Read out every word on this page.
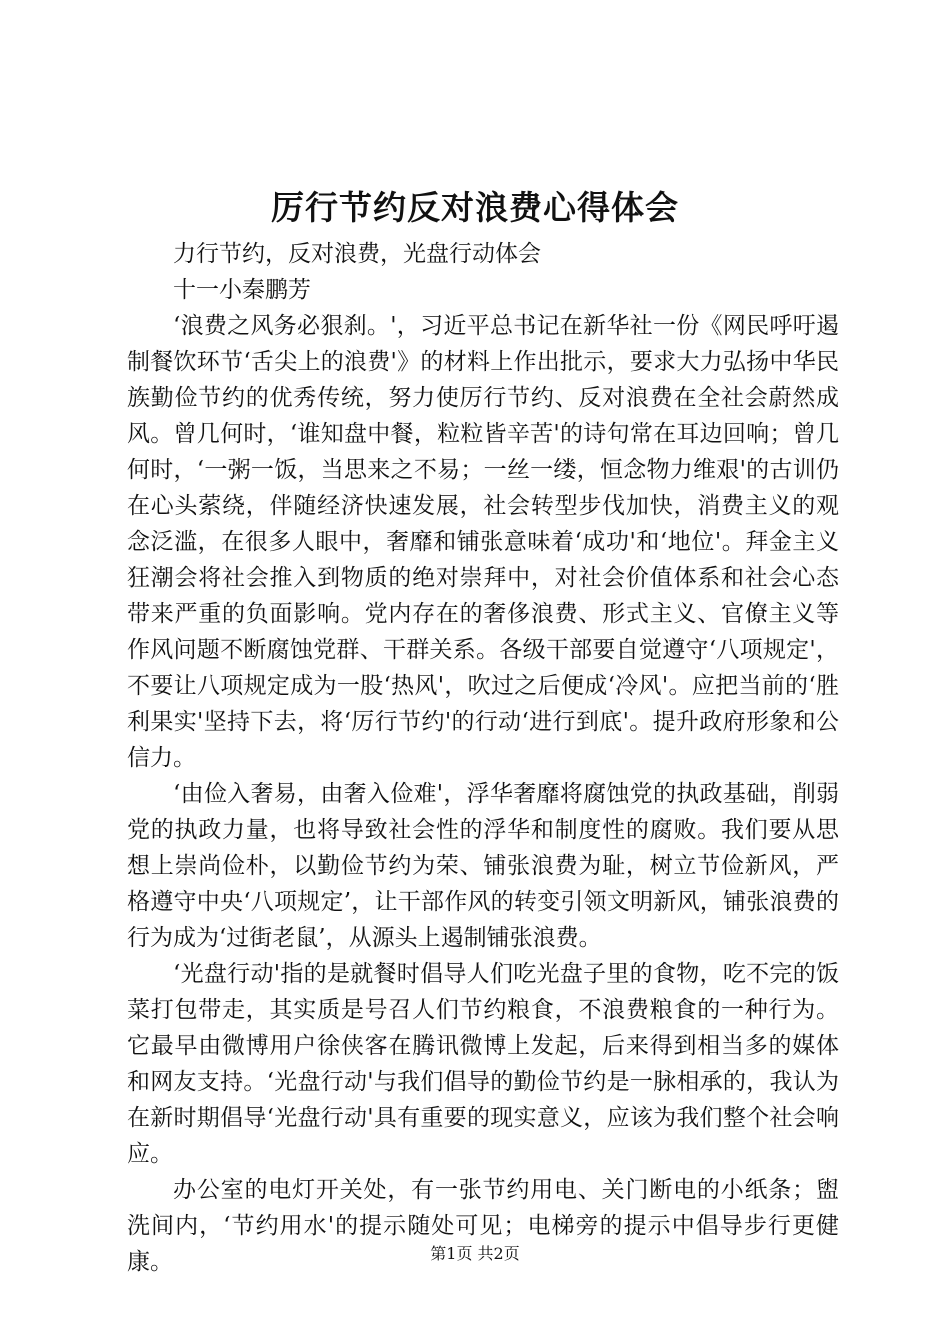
厉行节约反对浪费心得体会

力行节约，反对浪费，光盘行动体会

十一小秦鹏芳

‘浪费之风务必狠刹。'，习近平总书记在新华社一份《网民呼吁遏制餐饮环节‘舌尖上的浪费'》的材料上作出批示，要求大力弘扬中华民族勤俭节约的优秀传统，努力使厉行节约、反对浪费在全社会蔚然成风。曾几何时，‘谁知盘中餐，粒粒皆辛苦'的诗句常在耳边回响；曾几何时，‘一粥一饭，当思来之不易；一丝一缕，恒念物力维艰'的古训仍在心头萦绕，伴随经济快速发展，社会转型步伐加快，消费主义的观念泛滥，在很多人眼中，奢靡和铺张意味着‘成功'和‘地位'。拜金主义狂潮会将社会推入到物质的绝对崇拜中，对社会价值体系和社会心态带来严重的负面影响。党内存在的奢侈浪费、形式主义、官僚主义等作风问题不断腐蚀党群、干群关系。各级干部要自觉遵守‘八项规定'，不要让八项规定成为一股‘热风'，吹过之后便成‘冷风'。应把当前的‘胜利果实'坚持下去，将‘厉行节约'的行动‘进行到底'。提升政府形象和公信力。

‘由俭入奢易，由奢入俭难'，浮华奢靡将腐蚀党的执政基础，削弱党的执政力量，也将导致社会性的浮华和制度性的腐败。我们要从思想上崇尚俭朴，以勤俭节约为荣、铺张浪费为耻，树立节俭新风，严格遵守中央‘八项规定’，让干部作风的转变引领文明新风，铺张浪费的行为成为‘过街老鼠’，从源头上遏制铺张浪费。

‘光盘行动'指的是就餐时倡导人们吃光盘子里的食物，吃不完的饭菜打包带走，其实质是号召人们节约粮食，不浪费粮食的一种行为。它最早由微博用户徐侠客在腾讯微博上发起，后来得到相当多的媒体和网友支持。‘光盘行动'与我们倡导的勤俭节约是一脉相承的，我认为在新时期倡导‘光盘行动'具有重要的现实意义，应该为我们整个社会响应。

办公室的电灯开关处，有一张节约用电、关门断电的小纸条；盥洗间内，‘节约用水'的提示随处可见；电梯旁的提示中倡导步行更健康。	第1页 共2页
